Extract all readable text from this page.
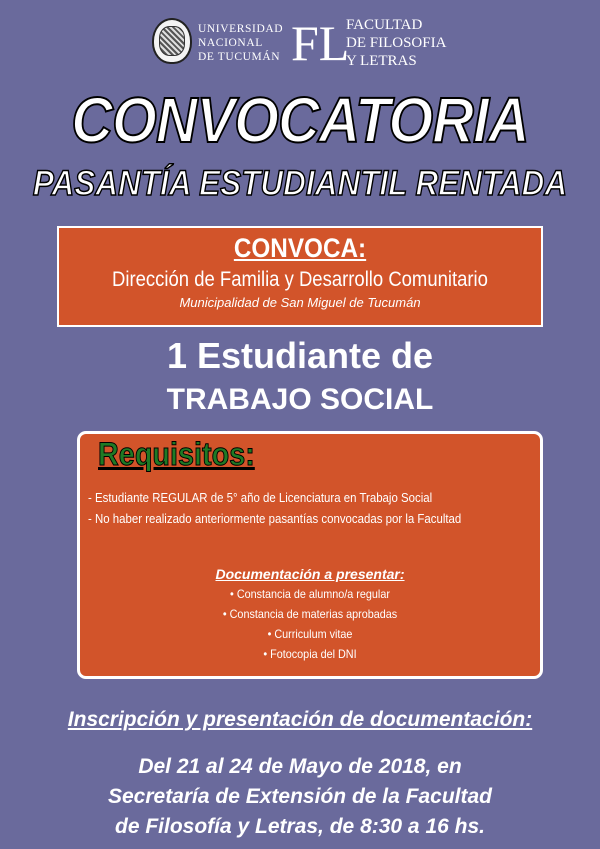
UNIVERSIDAD
NACIONAL
DE TUCUMÁN FL
FACULTAD
DE FILOSOFIA
Y LETRAS
CONVOCATORIA
PASANTÍA ESTUDIANTIL RENTADA
CONVOCA:
Dirección de Familia y Desarrollo Comunitario
Municipalidad de San Miguel de Tucumán
1 Estudiante de
TRABAJO SOCIAL
Requisitos:
- Estudiante REGULAR de 5° año de Licenciatura en Trabajo Social
- No haber realizado anteriormente pasantías convocadas por la Facultad
Documentación a presentar:
• Constancia de alumno/a regular
• Constancia de materias aprobadas
• Curriculum vitae
• Fotocopia del DNI
Inscripción y presentación de documentación:
Del 21 al 24 de Mayo de 2018, en
Secretaría de Extensión de la Facultad
de Filosofía y Letras, de 8:30 a 16 hs.
